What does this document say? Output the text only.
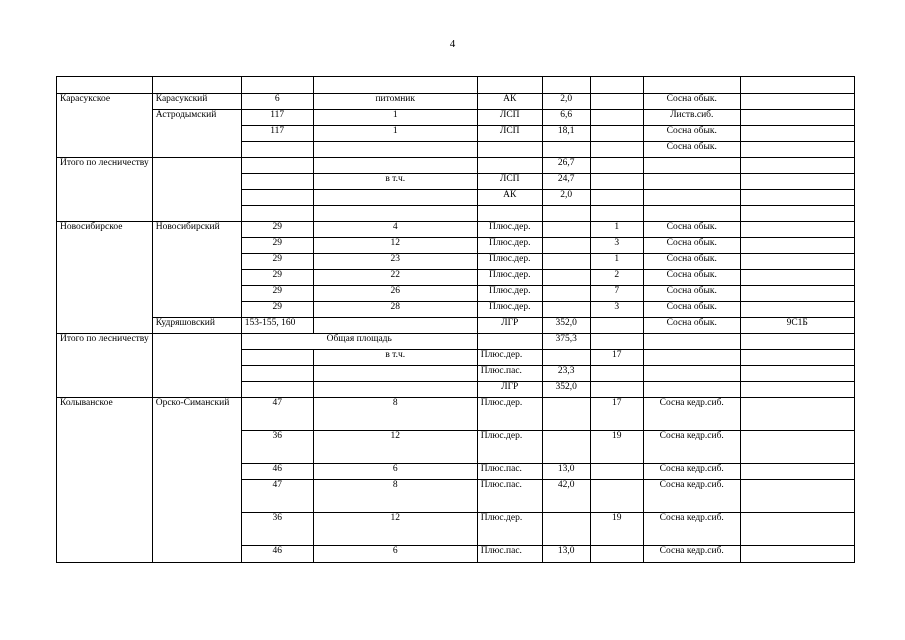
4

Карасукское	Карасукский	6	питомник	АК	2,0		Сосна обык.	
	Астродымский	117	1	ЛСП	6,6		Листв.сиб.	
		117	1	ЛСП	18,1		Сосна обык.	
							Сосна обык.	
Итого по лесничеству					26,7			
			в т.ч.	ЛСП	24,7			
				АК	2,0			

Новосибирское	Новосибирский	29	4	Плюс.дер.		1	Сосна обык.	
		29	12	Плюс.дер.		3	Сосна обык.	
		29	23	Плюс.дер.		1	Сосна обык.	
		29	22	Плюс.дер.		2	Сосна обык.	
		29	26	Плюс.дер.		7	Сосна обык.	
		29	28	Плюс.дер.		3	Сосна обык.	
	Кудряшовский	153-155, 160		ЛГР	352,0		Сосна обык.	9С1Б
Итого по лесничеству		Общая площадь			375,3			
			в т.ч.	Плюс.дер.		17		
				Плюс.пас.	23,3			
				ЛГР	352,0			
Колыванское	Орско-Симанский	47	8	Плюс.дер.		17	Сосна кедр.сиб.	
		36	12	Плюс.дер.		19	Сосна кедр.сиб.	
		46	6	Плюс.пас.	13,0		Сосна кедр.сиб.	
		47	8	Плюс.пас.	42,0		Сосна кедр.сиб.	
		36	12	Плюс.дер.		19	Сосна кедр.сиб.	
		46	6	Плюс.пас.	13,0		Сосна кедр.сиб.	
